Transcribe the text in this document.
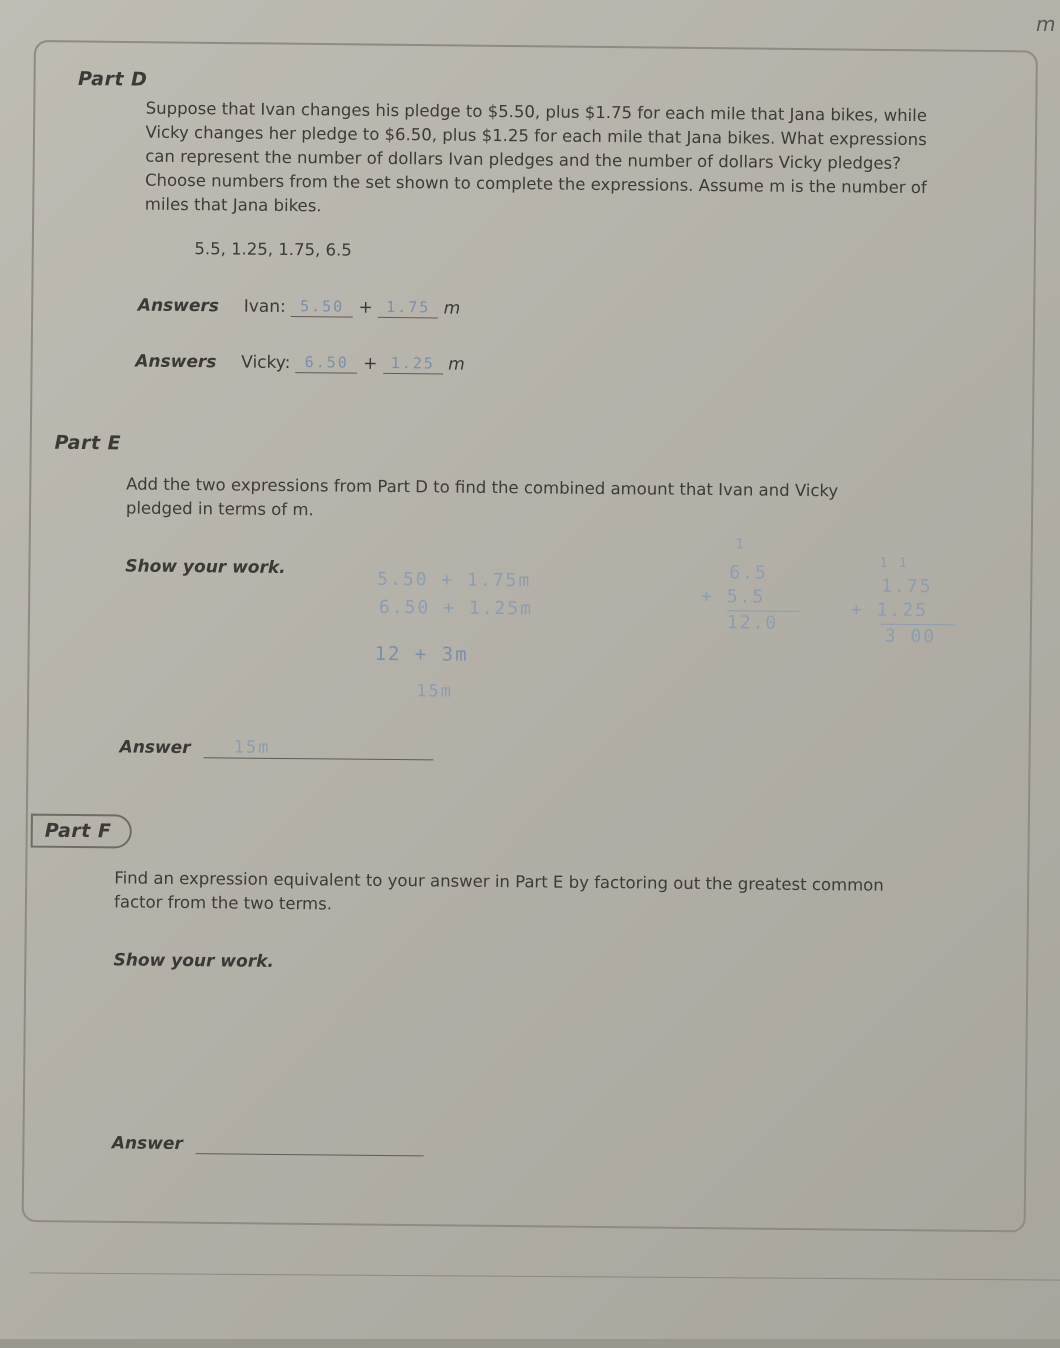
m
Part D
Suppose that Ivan changes his pledge to $5.50, plus $1.75 for each mile that Jana bikes, while
Vicky changes her pledge to $6.50, plus $1.25 for each mile that Jana bikes. What expressions
can represent the number of dollars Ivan pledges and the number of dollars Vicky pledges?
Choose numbers from the set shown to complete the expressions. Assume m is the number of
miles that Jana bikes.
5.5, 1.25, 1.75, 6.5
Answers Ivan: 5.50 + 1.75 m
Answers Vicky: 6.50 + 1.25 m
Part E
Add the two expressions from Part D to find the combined amount that Ivan and Vicky
pledged in terms of m.
Show your work.
5.50 + 1.75m
6.50 + 1.25m
12 + 3m
15m
1
6.5
+ 5.5
12.0
1 1
1.75
+ 1.25
3 00
Answer	15m
Part F
Find an expression equivalent to your answer in Part E by factoring out the greatest common
factor from the two terms.
Show your work.
Answer
